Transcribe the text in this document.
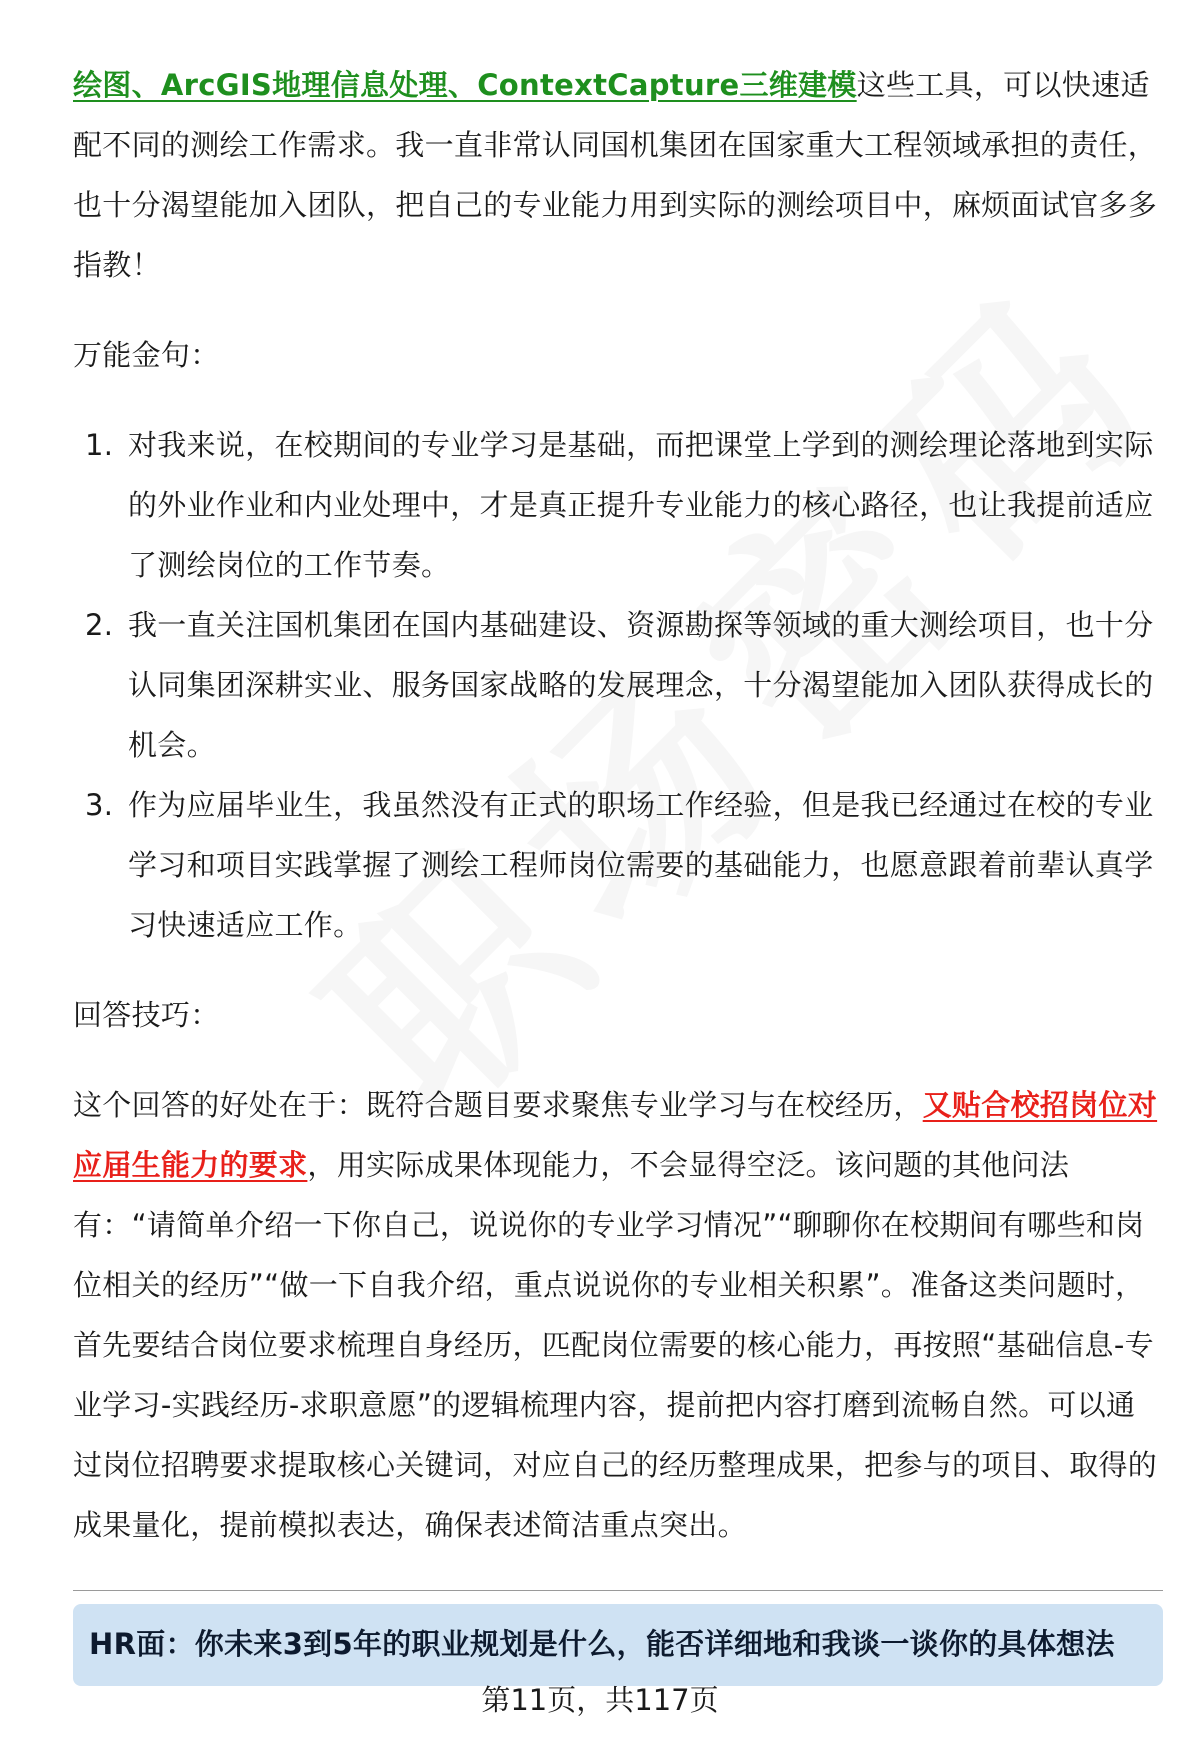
绘图、ArcGIS地理信息处理、ContextCapture三维建模这些工具，可以快速适配不同的测绘工作需求。我一直非常认同国机集团在国家重大工程领域承担的责任，也十分渴望能加入团队，把自己的专业能力用到实际的测绘项目中，麻烦面试官多多指教！

万能金句：

1. 对我来说，在校期间的专业学习是基础，而把课堂上学到的测绘理论落地到实际的外业作业和内业处理中，才是真正提升专业能力的核心路径，也让我提前适应了测绘岗位的工作节奏。
2. 我一直关注国机集团在国内基础建设、资源勘探等领域的重大测绘项目，也十分认同集团深耕实业、服务国家战略的发展理念，十分渴望能加入团队获得成长的机会。
3. 作为应届毕业生，我虽然没有正式的职场工作经验，但是我已经通过在校的专业学习和项目实践掌握了测绘工程师岗位需要的基础能力，也愿意跟着前辈认真学习快速适应工作。

回答技巧：

这个回答的好处在于：既符合题目要求聚焦专业学习与在校经历，又贴合校招岗位对应届生能力的要求，用实际成果体现能力，不会显得空泛。该问题的其他问法有：“请简单介绍一下你自己，说说你的专业学习情况”“聊聊你在校期间有哪些和岗位相关的经历”“做一下自我介绍，重点说说你的专业相关积累”。准备这类问题时，首先要结合岗位要求梳理自身经历，匹配岗位需要的核心能力，再按照“基础信息-专业学习-实践经历-求职意愿”的逻辑梳理内容，提前把内容打磨到流畅自然。可以通过岗位招聘要求提取核心关键词，对应自己的经历整理成果，把参与的项目、取得的成果量化，提前模拟表达，确保表述简洁重点突出。

HR面：你未来3到5年的职业规划是什么，能否详细地和我谈一谈你的具体想法
第11页，共117页
